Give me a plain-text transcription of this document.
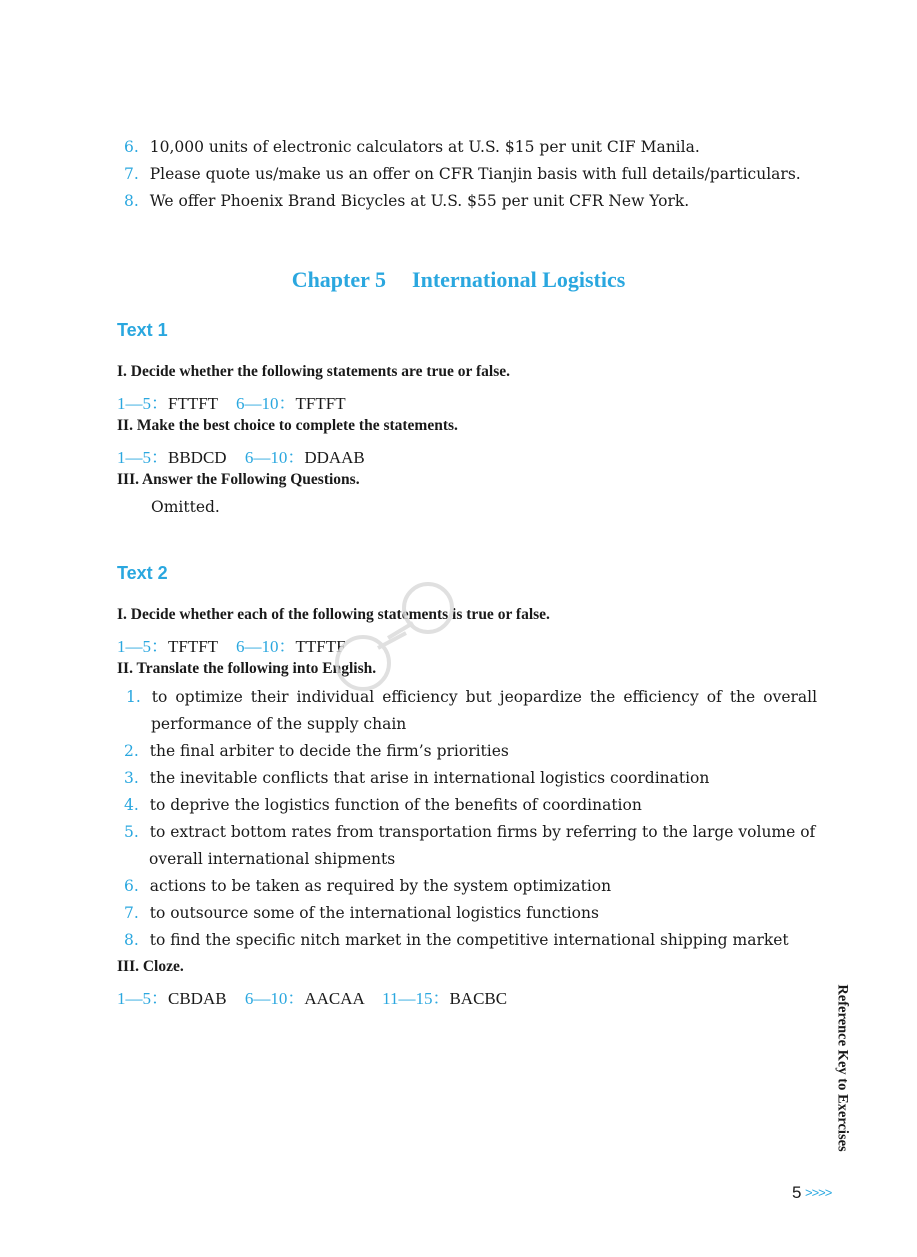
6. 10,000 units of electronic calculators at U.S. $15 per unit CIF Manila.
7. Please quote us/make us an offer on CFR Tianjin basis with full details/particulars.
8. We offer Phoenix Brand Bicycles at U.S. $55 per unit CFR New York.
Chapter 5 International Logistics
Text 1
I. Decide whether the following statements are true or false.
1—5：FTTFT 6—10：TFTFT
II. Make the best choice to complete the statements.
1—5：BBDCD 6—10：DDAAB
III. Answer the Following Questions.
Omitted.
Text 2
I. Decide whether each of the following statements is true or false.
1—5：TFTFT 6—10：TTFTF
II. Translate the following into English.
1. to optimize their individual efficiency but jeopardize the efficiency of the overall
performance of the supply chain
2. the final arbiter to decide the firm’s priorities
3. the inevitable conflicts that arise in international logistics coordination
4. to deprive the logistics function of the benefits of coordination
5. to extract bottom rates from transportation firms by referring to the large volume of
overall international shipments
6. actions to be taken as required by the system optimization
7. to outsource some of the international logistics functions
8. to find the specific nitch market in the competitive international shipping market
III. Cloze.
1—5：CBDAB 6—10：AACAA 11—15：BACBC	Reference Key to Exercises
5 >>>>
